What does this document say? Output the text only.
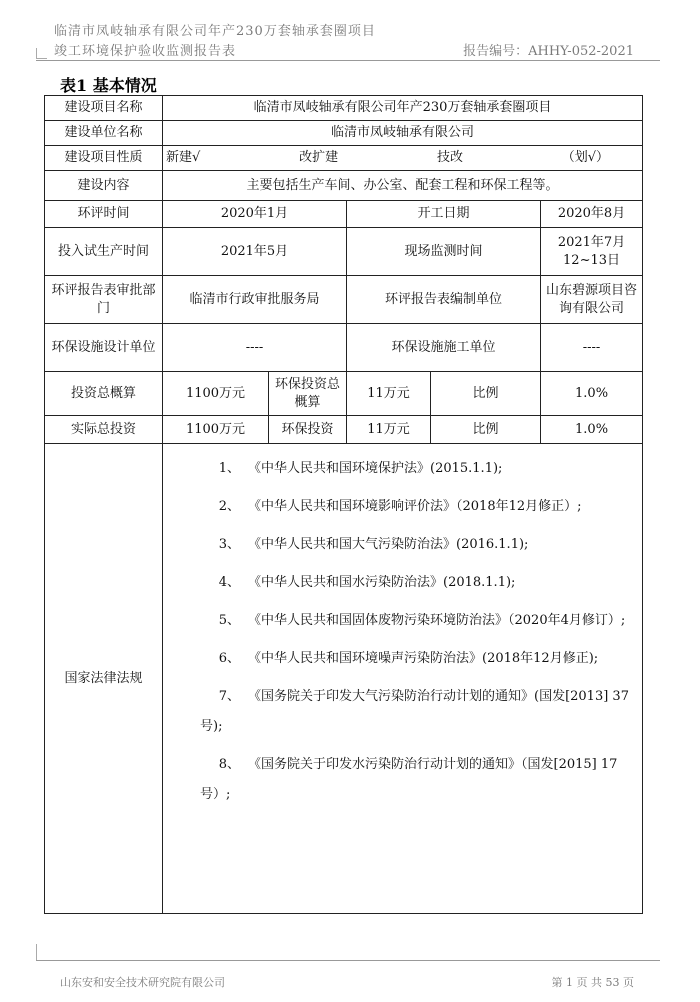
临清市凤岐轴承有限公司年产230万套轴承套圈项目
竣工环境保护验收监测报告表	报告编号：AHHY-052-2021
表1 基本情况
建设项目名称	临清市凤岐轴承有限公司年产230万套轴承套圈项目				
建设单位名称	临清市凤岐轴承有限公司				
建设项目性质	新建√ 改扩建 技改 （划√）				

建设内容	主要包括生产车间、办公室、配套工程和环保工程等。				
环评时间	2020年1月		开工日期		2020年8月
投入试生产时间	2021年5月		现场监测时间		2021年7月12~13日
环评报告表审批部门	临清市行政审批服务局		环评报告表编制单位		山东碧源项目咨询有限公司
环保设施设计单位	----		环保设施施工单位		----
投资总概算	1100万元	环保投资总概算	11万元	比例	1.0%
实际总投资	1100万元	环保投资	11万元	比例	1.0%
国家法律法规					
1、 《中华人民共和国环境保护法》(2015.1.1);
2、 《中华人民共和国环境影响评价法》（2018年12月修正）;
3、 《中华人民共和国大气污染防治法》(2016.1.1);
4、 《中华人民共和国水污染防治法》(2018.1.1);
5、 《中华人民共和国固体废物污染环境防治法》（2020年4月修订）;
6、 《中华人民共和国环境噪声污染防治法》(2018年12月修正);
7、 《国务院关于印发大气污染防治行动计划的通知》(国发[2013] 37号);
8、 《国务院关于印发水污染防治行动计划的通知》（国发[2015] 17号）;
山东安和安全技术研究院有限公司	第 1 页 共 53 页
